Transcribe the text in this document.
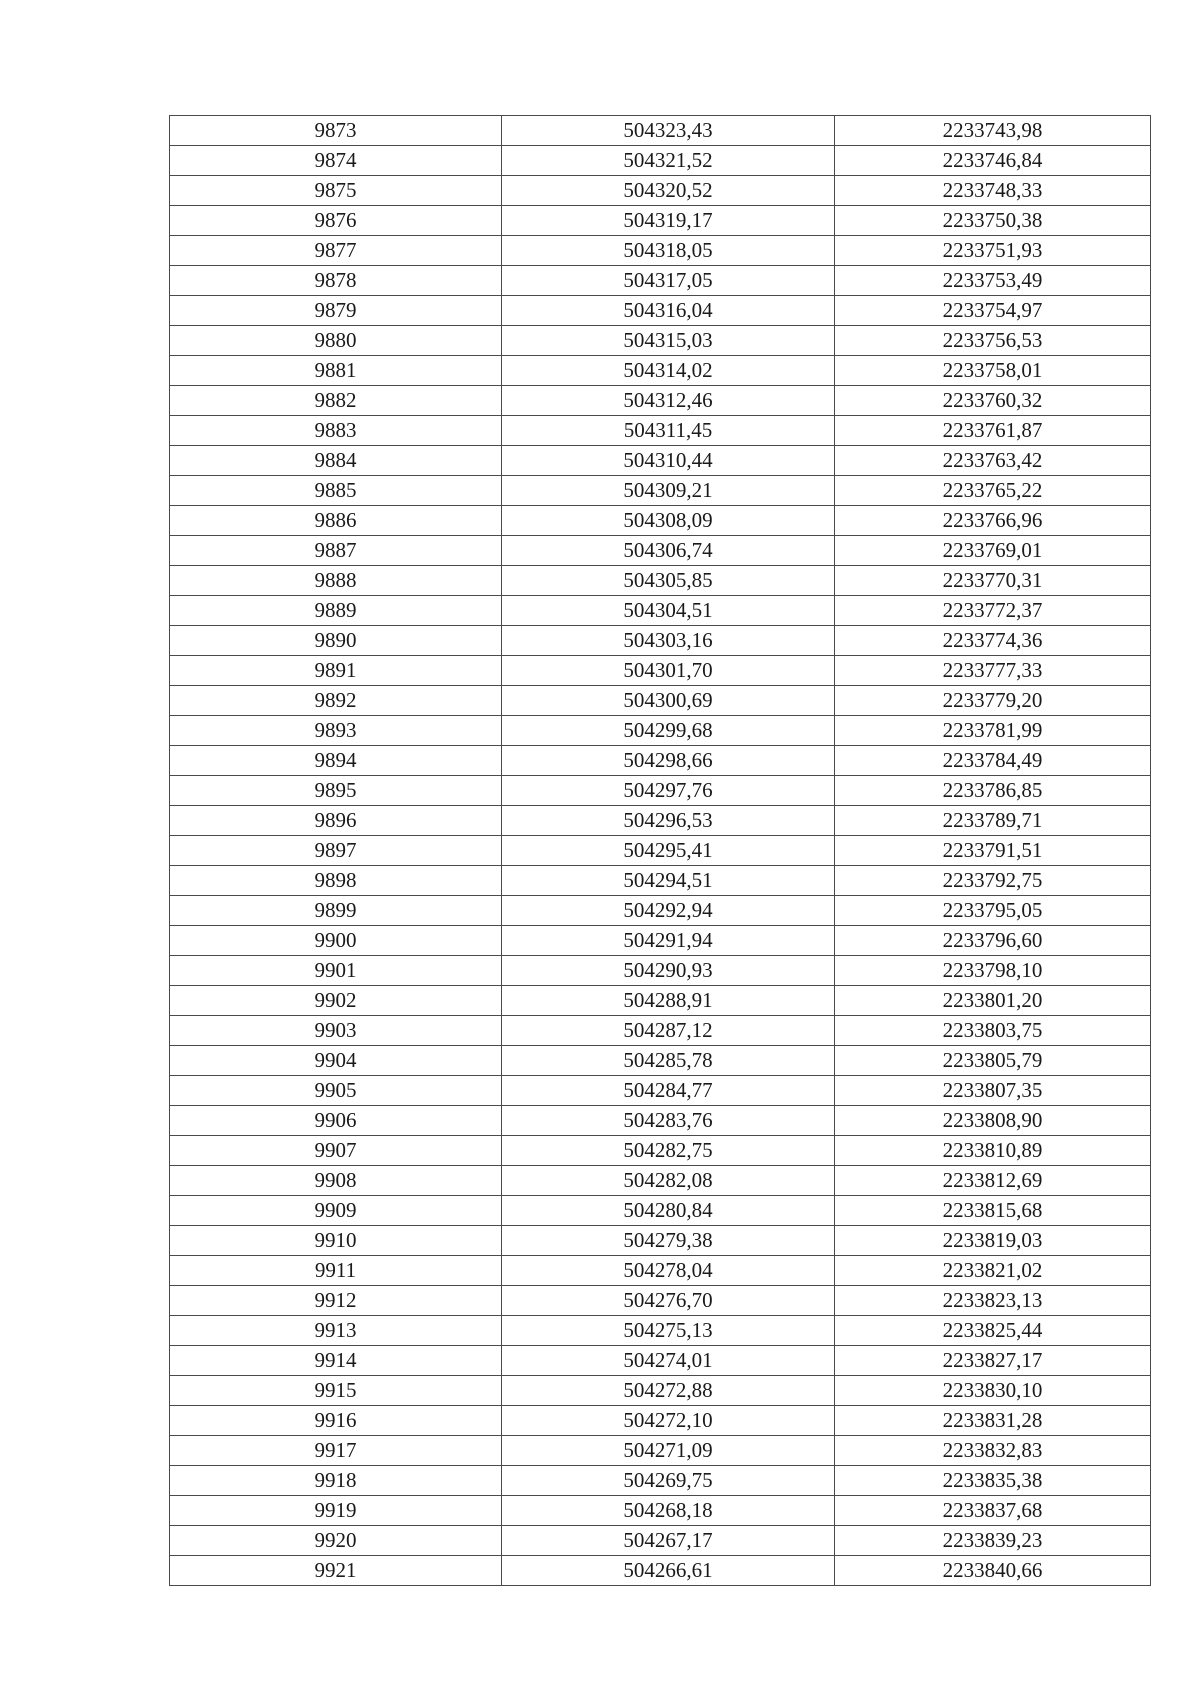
9873	504323,43	2233743,98
9874	504321,52	2233746,84
9875	504320,52	2233748,33
9876	504319,17	2233750,38
9877	504318,05	2233751,93
9878	504317,05	2233753,49
9879	504316,04	2233754,97
9880	504315,03	2233756,53
9881	504314,02	2233758,01
9882	504312,46	2233760,32
9883	504311,45	2233761,87
9884	504310,44	2233763,42
9885	504309,21	2233765,22
9886	504308,09	2233766,96
9887	504306,74	2233769,01
9888	504305,85	2233770,31
9889	504304,51	2233772,37
9890	504303,16	2233774,36
9891	504301,70	2233777,33
9892	504300,69	2233779,20
9893	504299,68	2233781,99
9894	504298,66	2233784,49
9895	504297,76	2233786,85
9896	504296,53	2233789,71
9897	504295,41	2233791,51
9898	504294,51	2233792,75
9899	504292,94	2233795,05
9900	504291,94	2233796,60
9901	504290,93	2233798,10
9902	504288,91	2233801,20
9903	504287,12	2233803,75
9904	504285,78	2233805,79
9905	504284,77	2233807,35
9906	504283,76	2233808,90
9907	504282,75	2233810,89
9908	504282,08	2233812,69
9909	504280,84	2233815,68
9910	504279,38	2233819,03
9911	504278,04	2233821,02
9912	504276,70	2233823,13
9913	504275,13	2233825,44
9914	504274,01	2233827,17
9915	504272,88	2233830,10
9916	504272,10	2233831,28
9917	504271,09	2233832,83
9918	504269,75	2233835,38
9919	504268,18	2233837,68
9920	504267,17	2233839,23
9921	504266,61	2233840,66
